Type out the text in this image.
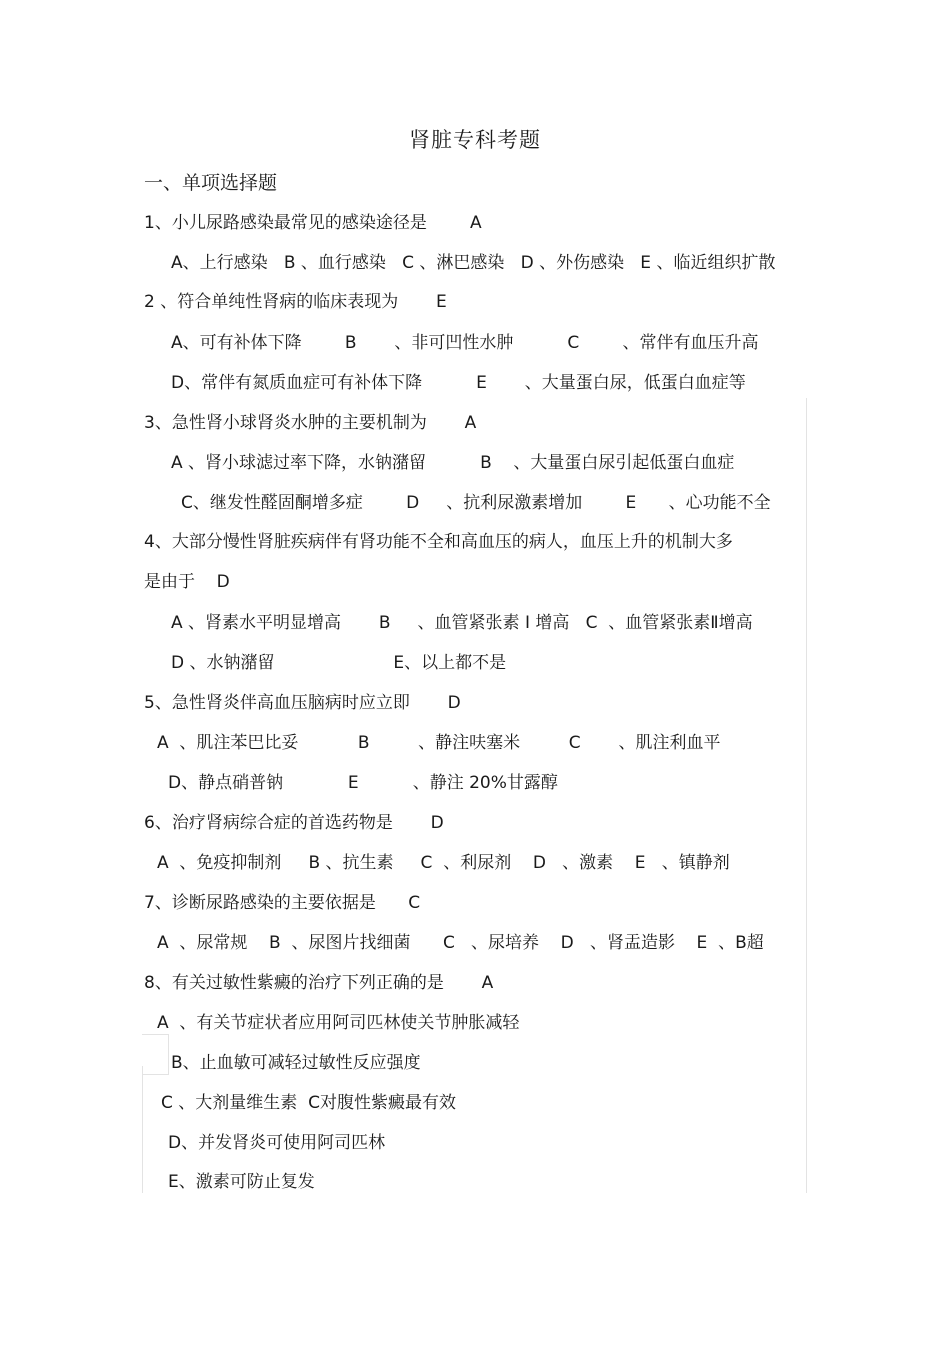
肾脏专科考题
一、单项选择题
1、小儿尿路感染最常见的感染途径是        A
A、上行感染   B 、血行感染   C 、淋巴感染   D 、外伤感染   E 、临近组织扩散
2 、符合单纯性肾病的临床表现为       E
A、可有补体下降        B       、非可凹性水肿          C        、常伴有血压升高
D、常伴有氮质血症可有补体下降          E       、大量蛋白尿，低蛋白血症等
3、急性肾小球肾炎水肿的主要机制为       A
A 、肾小球滤过率下降，水钠潴留          B    、大量蛋白尿引起低蛋白血症
C、继发性醛固酮增多症        D     、抗利尿激素增加        E      、心功能不全
4、大部分慢性肾脏疾病伴有肾功能不全和高血压的病人，血压上升的机制大多
是由于    D
A 、肾素水平明显增高       B     、血管紧张素 Ⅰ 增高   C  、血管紧张素Ⅱ增高
D 、水钠潴留                      E、以上都不是
5、急性肾炎伴高血压脑病时应立即       D
A  、肌注苯巴比妥           B         、静注呋塞米         C       、肌注利血平
D、静点硝普钠            E          、静注 20%甘露醇
6、治疗肾病综合症的首选药物是       D
A  、免疫抑制剂     B 、抗生素     C  、利尿剂    D   、激素    E   、镇静剂
7、诊断尿路感染的主要依据是      C
A  、尿常规    B  、尿图片找细菌      C   、尿培养    D   、肾盂造影    E  、B超
8、有关过敏性紫癜的治疗下列正确的是       A
A  、有关节症状者应用阿司匹林使关节肿胀减轻
B、止血敏可减轻过敏性反应强度
C 、大剂量维生素  C对腹性紫癜最有效
D、并发肾炎可使用阿司匹林
E、激素可防止复发
